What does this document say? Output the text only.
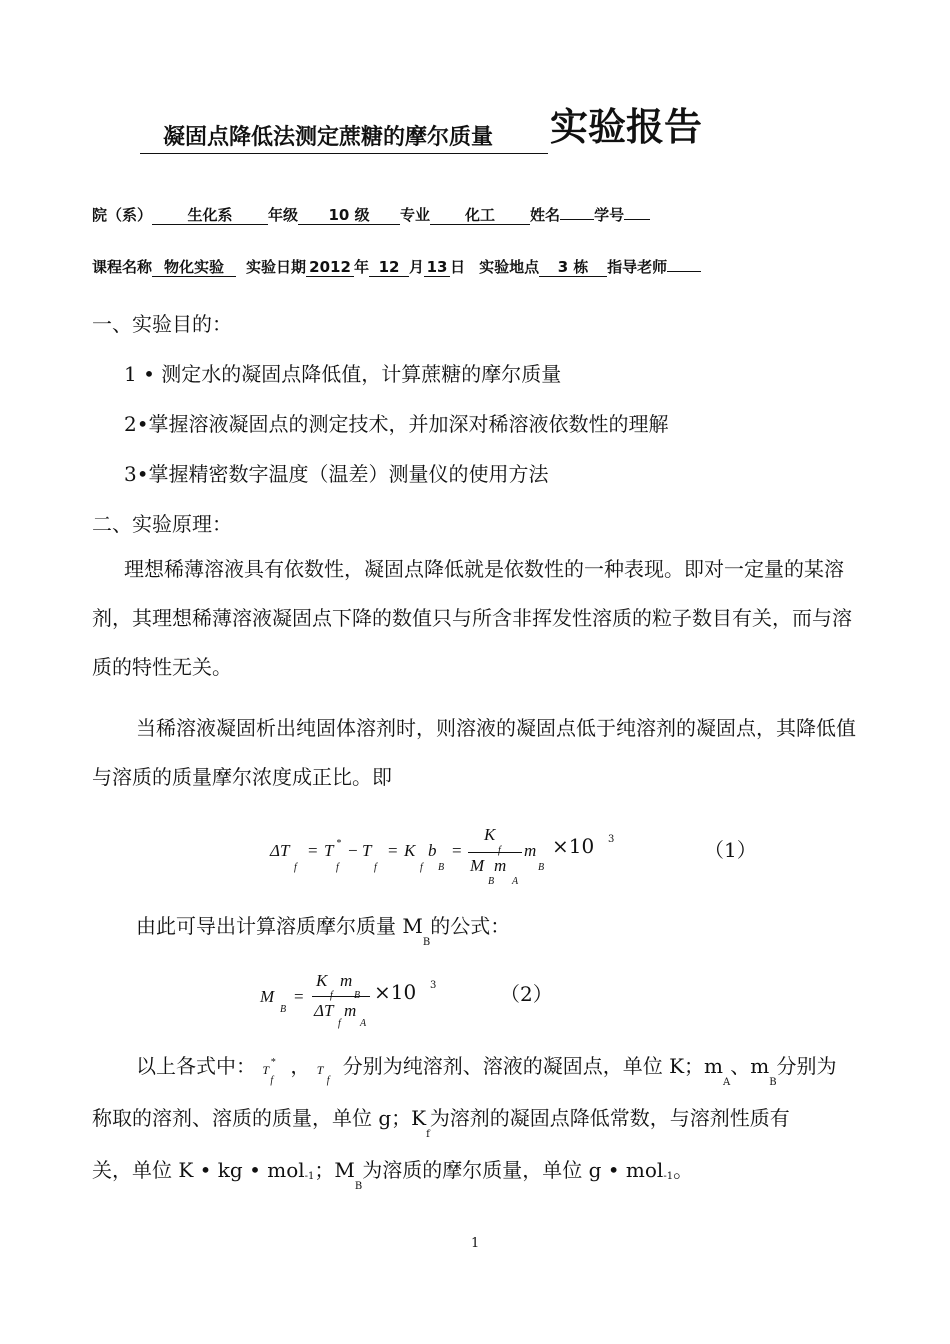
凝固点降低法测定蔗糖的摩尔质量 实验报告
院（系） 生化系 年级 10 级 专业 化工 姓名 学号
课程名称 物化实验 实验日期 2012 年 12 月 13 日 实验地点 3 栋 指导老师
一、实验目的：
1 • 测定水的凝固点降低值，计算蔗糖的摩尔质量
2•掌握溶液凝固点的测定技术，并加深对稀溶液依数性的理解
3•掌握精密数字温度（温差）测量仪的使用方法
二、实验原理：
理想稀薄溶液具有依数性，凝固点降低就是依数性的一种表现。即对一定量的某溶剂，其理想稀薄溶液凝固点下降的数值只与所含非挥发性溶质的粒子数目有关，而与溶质的特性无关。
当稀溶液凝固析出纯固体溶剂时，则溶液的凝固点低于纯溶剂的凝固点，其降低值与溶质的质量摩尔浓度成正比。即
ΔT
f
= T *
f
− T
f
= K
f
b
B
=
K
f
M m
B A
m
B
×10 3	（1）
由此可导出计算溶质摩尔质量 $M_B$的公式：
M
B
=
K m
f B
ΔT m
f A
×10 3	（2）
以上各式中： T
*
f
， T
f
分别为纯溶剂、溶液的凝固点，单位 K；$m_A$、$m_B$分别为
称取的溶剂、溶质的质量，单位 g；$K_f$为溶剂的凝固点降低常数，与溶剂性质有
关，单位 K • kg • mol-1；$M_B$为溶质的摩尔质量，单位 g • mol-1。
1
